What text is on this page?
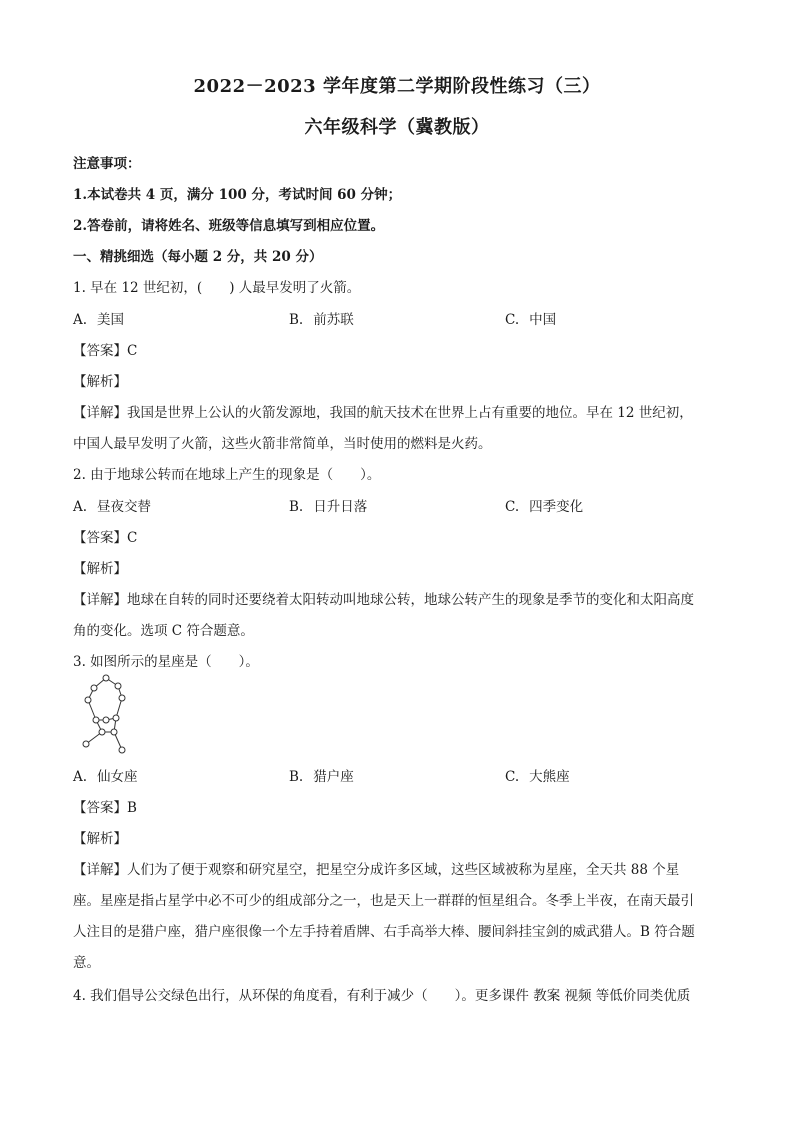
2022－2023 学年度第二学期阶段性练习（三）
六年级科学（冀教版）
注意事项：
1.本试卷共 4 页，满分 100 分，考试时间 60 分钟；
2.答卷前，请将姓名、班级等信息填写到相应位置。
一、精挑细选（每小题 2 分，共 20 分）
1. 早在 12 世纪初，(　　) 人最早发明了火箭。
A. 美国	B. 前苏联	C. 中国
【答案】C
【解析】
【详解】我国是世界上公认的火箭发源地，我国的航天技术在世界上占有重要的地位。早在 12 世纪初，
中国人最早发明了火箭，这些火箭非常简单，当时使用的燃料是火药。
2. 由于地球公转而在地球上产生的现象是（　　）。
A. 昼夜交替	B. 日升日落	C. 四季变化
【答案】C
【解析】
【详解】地球在自转的同时还要绕着太阳转动叫地球公转，地球公转产生的现象是季节的变化和太阳高度
角的变化。选项 C 符合题意。
3. 如图所示的星座是（　　）。
A. 仙女座	B. 猎户座	C. 大熊座
【答案】B
【解析】
【详解】人们为了便于观察和研究星空，把星空分成许多区域，这些区域被称为星座，全天共 88 个星
座。星座是指占星学中必不可少的组成部分之一，也是天上一群群的恒星组合。冬季上半夜，在南天最引
人注目的是猎户座，猎户座很像一个左手持着盾牌、右手高举大棒、腰间斜挂宝剑的威武猎人。B 符合题
意。
4. 我们倡导公交绿色出行，从环保的角度看，有利于减少（　　）。更多课件 教案 视频 等低价同类优质
